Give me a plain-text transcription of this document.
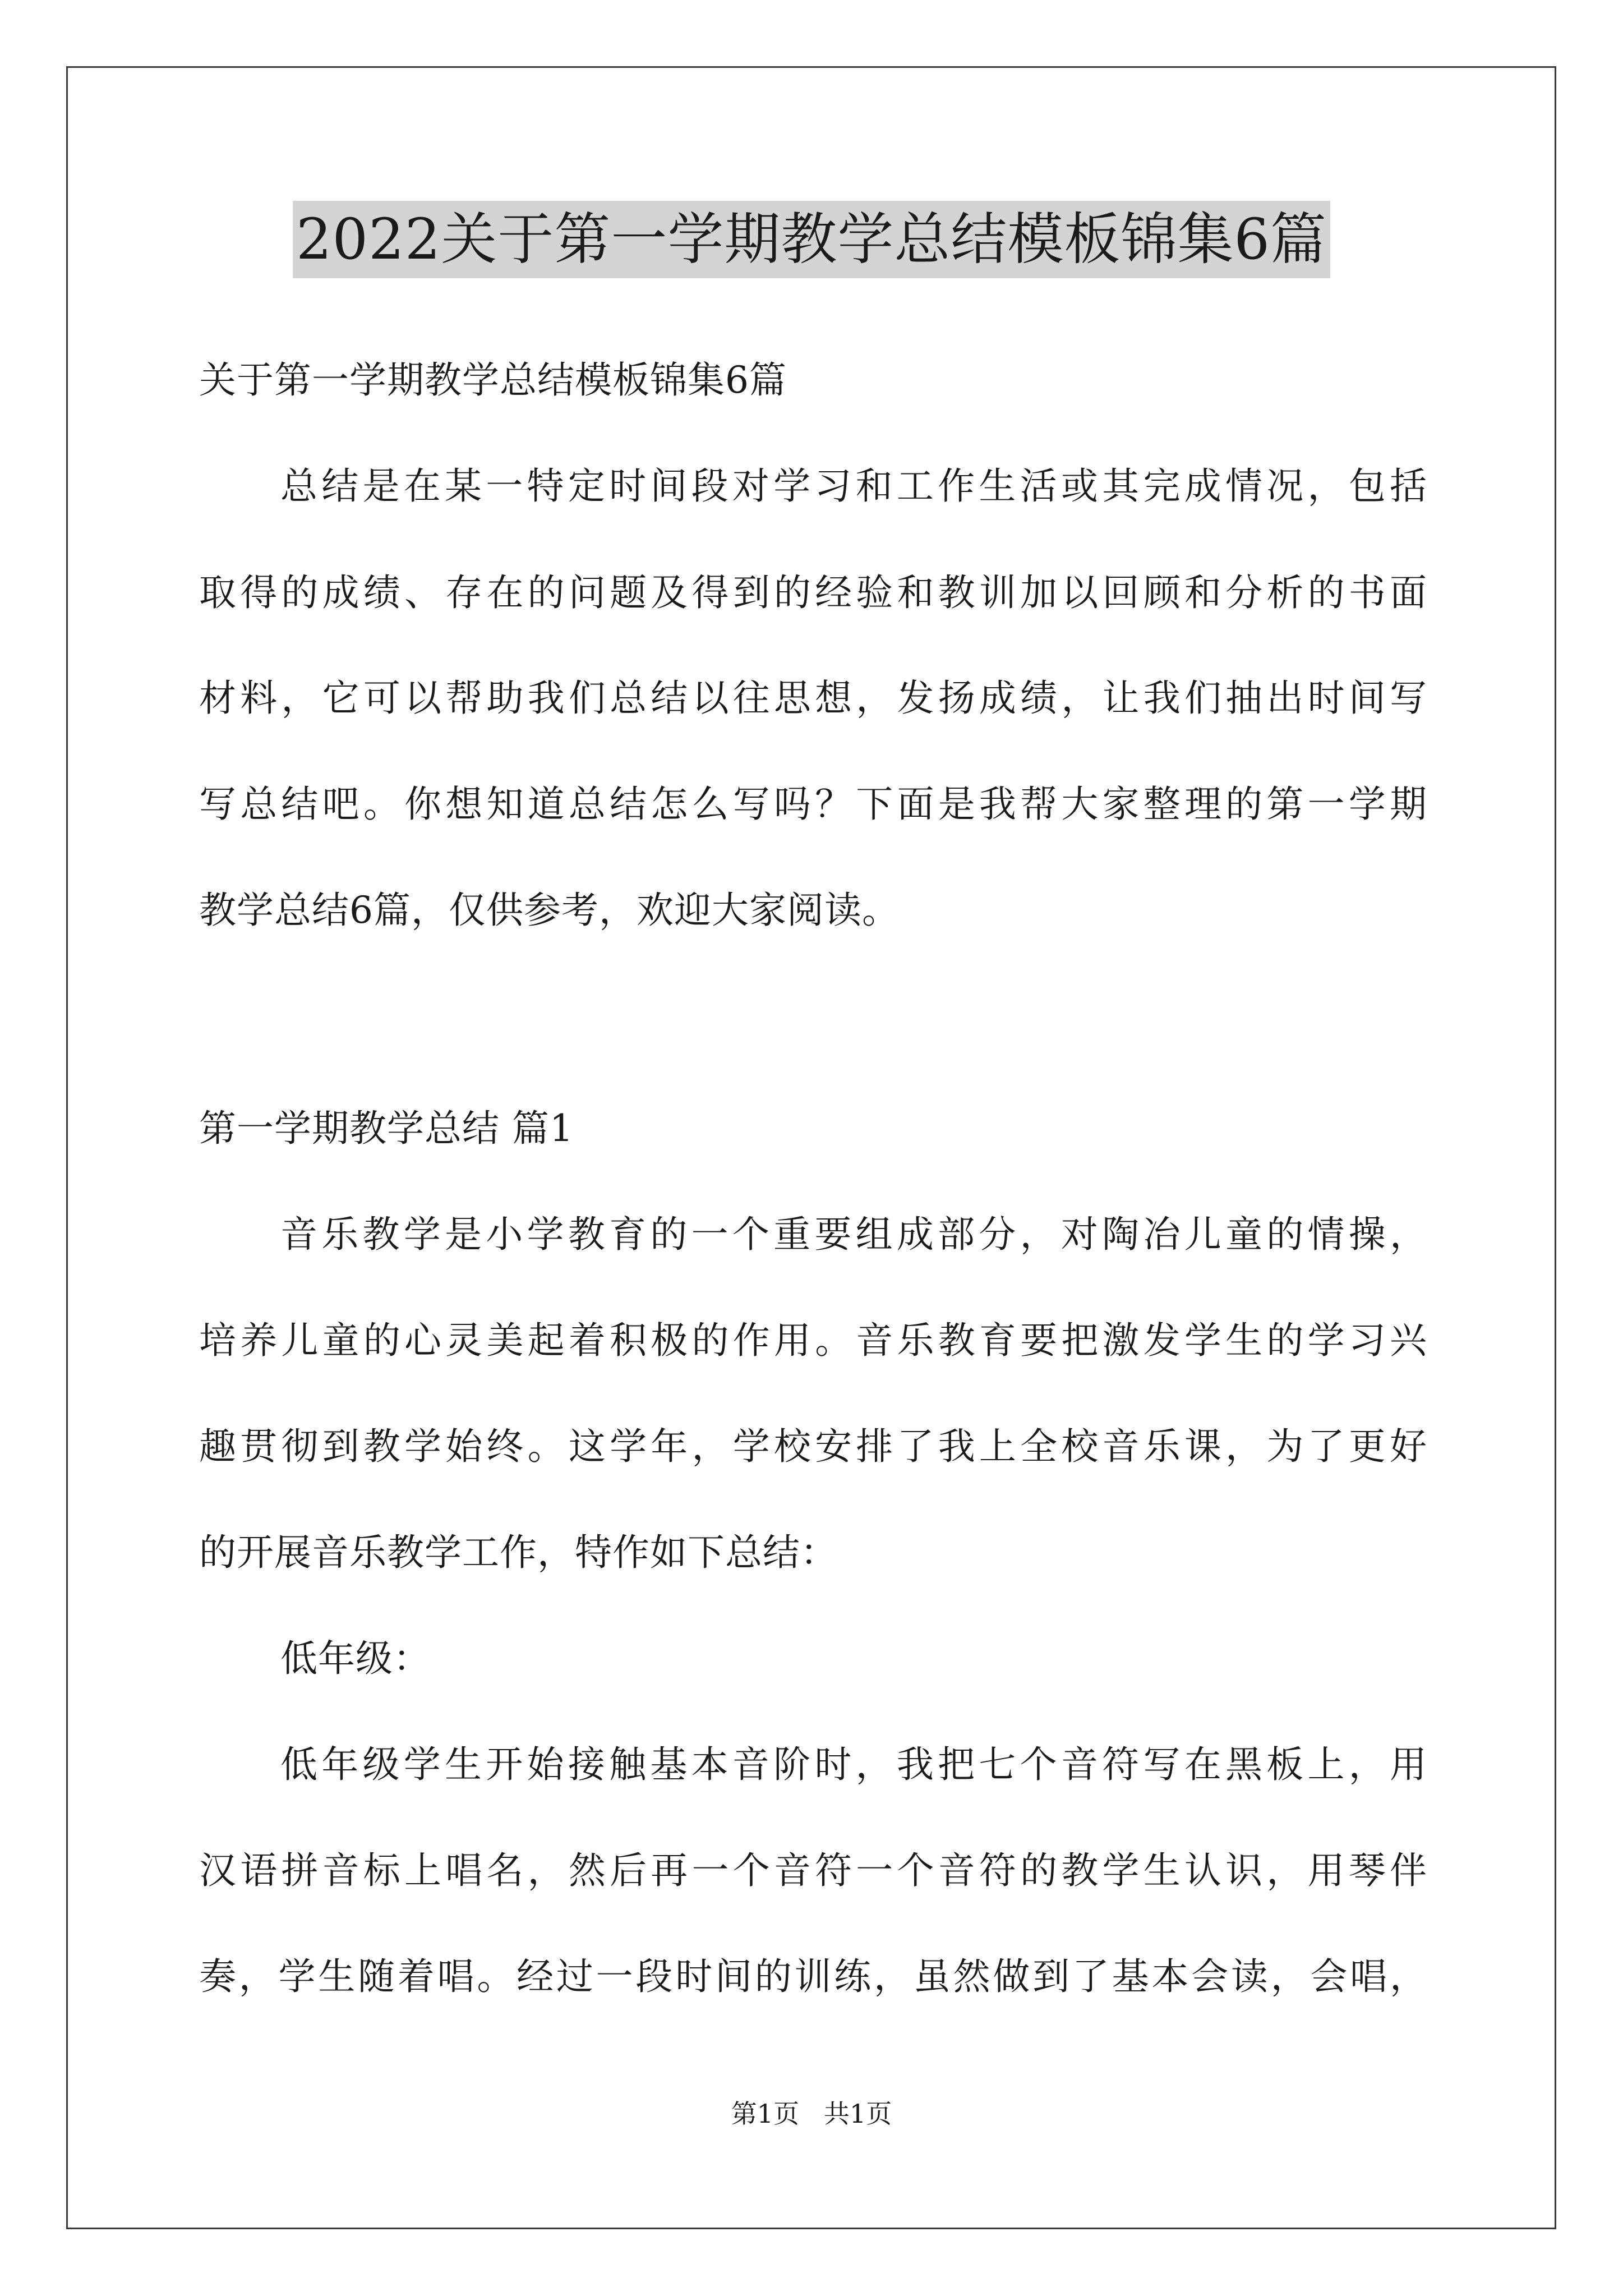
2022关于第一学期教学总结模板锦集6篇
关于第一学期教学总结模板锦集6篇
总结是在某一特定时间段对学习和工作生活或其完成情况，包括
取得的成绩、存在的问题及得到的经验和教训加以回顾和分析的书面
材料，它可以帮助我们总结以往思想，发扬成绩，让我们抽出时间写
写总结吧。你想知道总结怎么写吗？下面是我帮大家整理的第一学期
教学总结6篇，仅供参考，欢迎大家阅读。
第一学期教学总结 篇1
音乐教学是小学教育的一个重要组成部分，对陶冶儿童的情操，
培养儿童的心灵美起着积极的作用。音乐教育要把激发学生的学习兴
趣贯彻到教学始终。这学年，学校安排了我上全校音乐课，为了更好
的开展音乐教学工作，特作如下总结：
低年级：
低年级学生开始接触基本音阶时，我把七个音符写在黑板上，用
汉语拼音标上唱名，然后再一个音符一个音符的教学生认识，用琴伴
奏，学生随着唱。经过一段时间的训练，虽然做到了基本会读，会唱，
第1页   共1页
